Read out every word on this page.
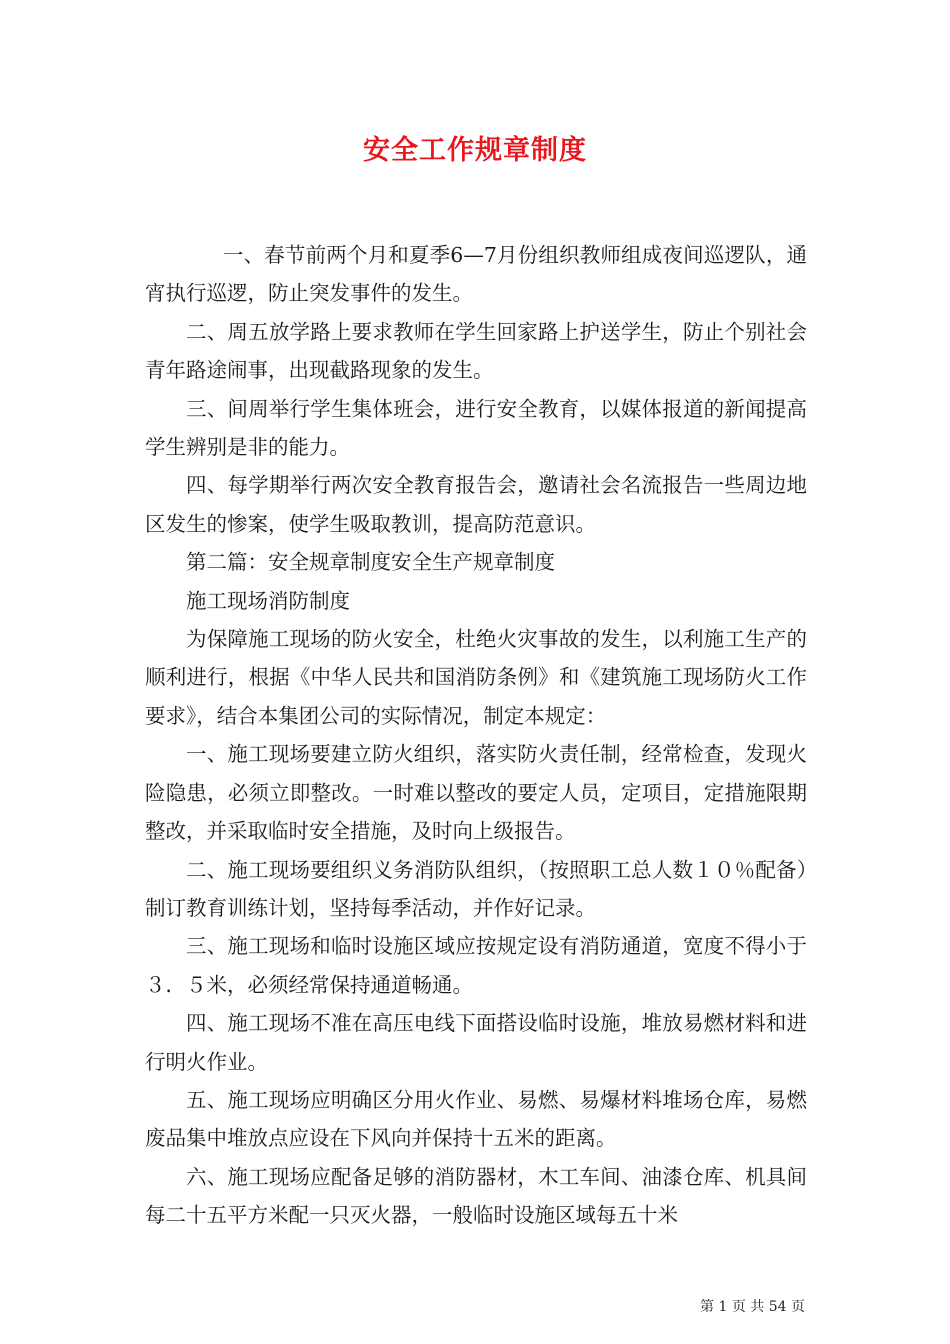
安全工作规章制度

一、春节前两个月和夏季6—7月份组织教师组成夜间巡逻队，通宵执行巡逻，防止突发事件的发生。

二、周五放学路上要求教师在学生回家路上护送学生，防止个别社会青年路途闹事，出现截路现象的发生。

三、间周举行学生集体班会，进行安全教育，以媒体报道的新闻提高学生辨别是非的能力。

四、每学期举行两次安全教育报告会，邀请社会名流报告一些周边地区发生的惨案，使学生吸取教训，提高防范意识。

第二篇：安全规章制度安全生产规章制度

施工现场消防制度

为保障施工现场的防火安全，杜绝火灾事故的发生，以利施工生产的顺利进行，根据《中华人民共和国消防条例》和《建筑施工现场防火工作要求》，结合本集团公司的实际情况，制定本规定：

一、施工现场要建立防火组织，落实防火责任制，经常检查，发现火险隐患，必须立即整改。一时难以整改的要定人员，定项目，定措施限期整改，并采取临时安全措施，及时向上级报告。

二、施工现场要组织义务消防队组织，（按照职工总人数１０％配备）制订教育训练计划，坚持每季活动，并作好记录。

三、施工现场和临时设施区域应按规定设有消防通道，宽度不得小于３．５米，必须经常保持通道畅通。

四、施工现场不准在高压电线下面搭设临时设施，堆放易燃材料和进行明火作业。

五、施工现场应明确区分用火作业、易燃、易爆材料堆场仓库，易燃废品集中堆放点应设在下风向并保持十五米的距离。

六、施工现场应配备足够的消防器材，木工车间、油漆仓库、机具间每二十五平方米配一只灭火器，一般临时设施区域每五十米

第 1 页 共 54 页
